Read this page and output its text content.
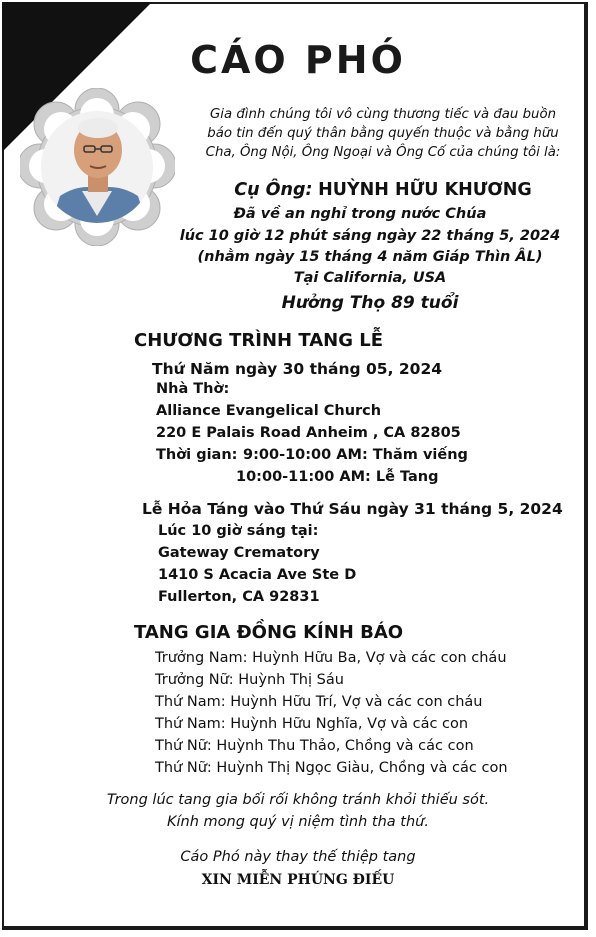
CÁO PHÓ
Gia đình chúng tôi vô cùng thương tiếc và đau buồn
báo tin đến quý thân bằng quyến thuộc và bằng hữu
Cha, Ông Nội, Ông Ngoại và Ông Cố của chúng tôi là:
Cụ Ông: HUỲNH HỮU KHƯƠNG
Đã về an nghỉ trong nước Chúa
lúc 10 giờ 12 phút sáng ngày 22 tháng 5, 2024
(nhằm ngày 15 tháng 4 năm Giáp Thìn ÂL)
Tại California, USA
Hưởng Thọ 89 tuổi
CHƯƠNG TRÌNH TANG LỄ
Thứ Năm ngày 30 tháng 05, 2024
Nhà Thờ:
Alliance Evangelical Church
220 E Palais Road Anheim , CA 82805
Thời gian: 9:00-10:00 AM: Thăm viếng
10:00-11:00 AM: Lễ Tang
Lễ Hỏa Táng vào Thứ Sáu ngày 31 tháng 5, 2024
Lúc 10 giờ sáng tại:
Gateway Crematory
1410 S Acacia Ave Ste D
Fullerton, CA 92831
TANG GIA ĐỒNG KÍNH BÁO
Trưởng Nam: Huỳnh Hữu Ba, Vợ và các con cháu
Trưởng Nữ: Huỳnh Thị Sáu
Thứ Nam: Huỳnh Hữu Trí, Vợ và các con cháu
Thứ Nam: Huỳnh Hữu Nghĩa, Vợ và các con
Thứ Nữ: Huỳnh Thu Thảo, Chồng và các con
Thứ Nữ: Huỳnh Thị Ngọc Giàu, Chồng và các con
Trong lúc tang gia bối rối không tránh khỏi thiếu sót.
Kính mong quý vị niệm tình tha thứ.
Cáo Phó này thay thế thiệp tang
XIN MIỄN PHÚNG ĐIẾU
